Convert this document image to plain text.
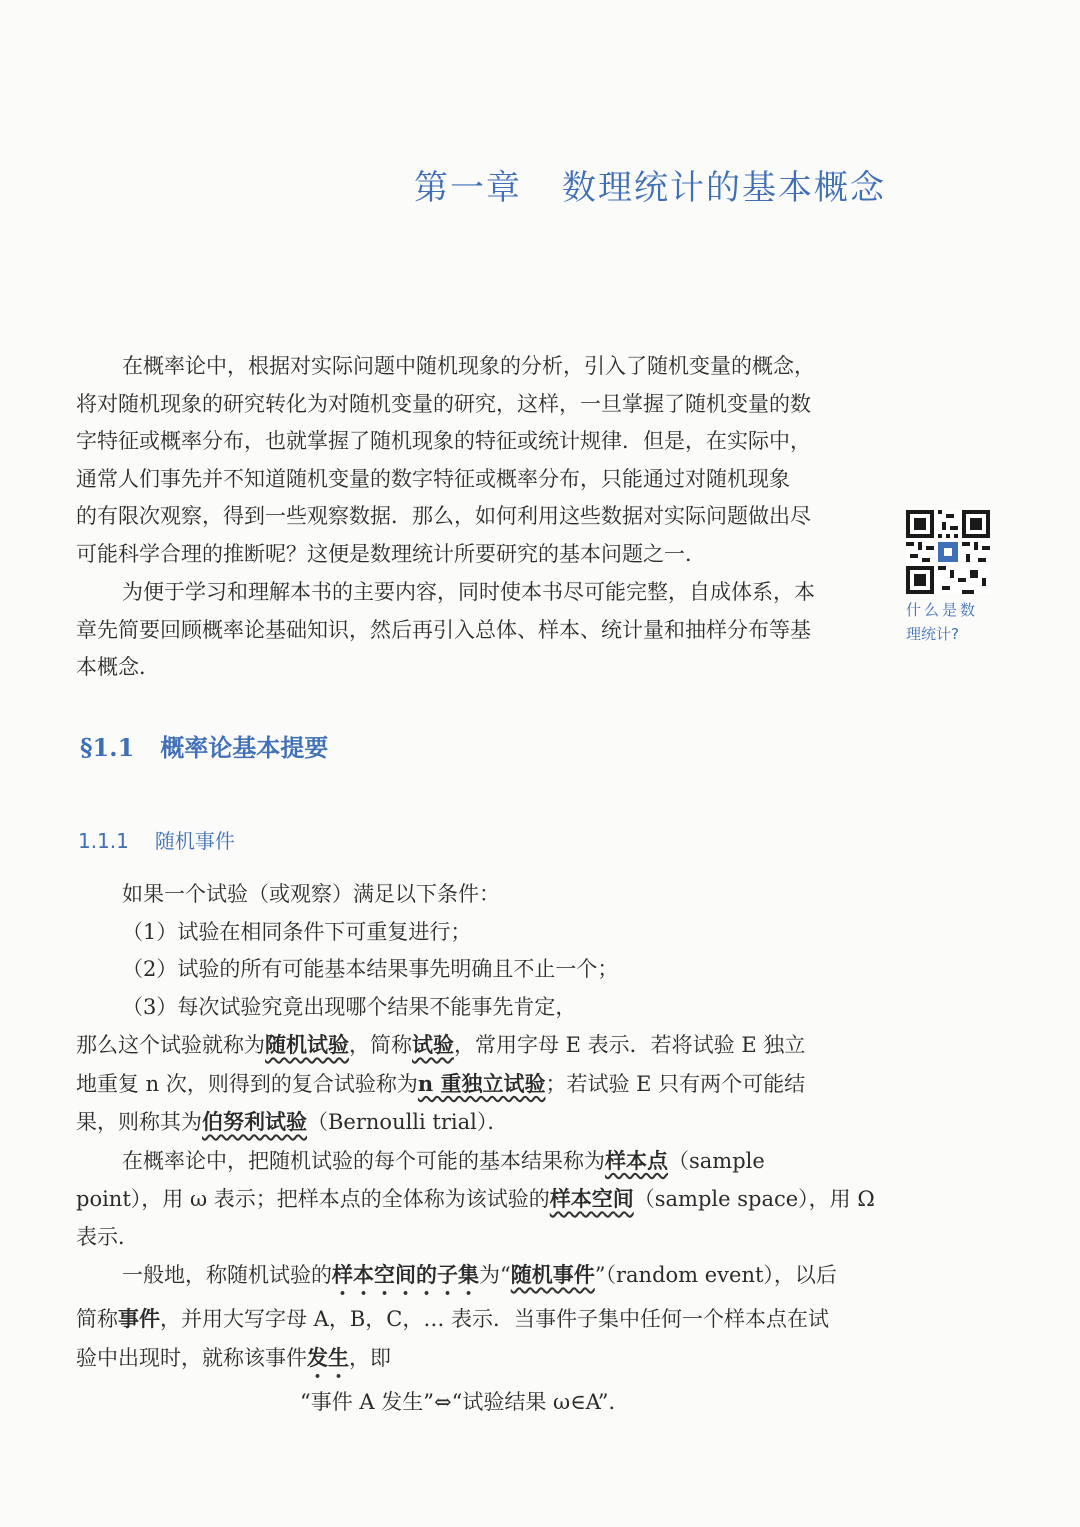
第一章 数理统计的基本概念
在概率论中，根据对实际问题中随机现象的分析，引入了随机变量的概念，
将对随机现象的研究转化为对随机变量的研究，这样，一旦掌握了随机变量的数
字特征或概率分布，也就掌握了随机现象的特征或统计规律．但是，在实际中，
通常人们事先并不知道随机变量的数字特征或概率分布，只能通过对随机现象
的有限次观察，得到一些观察数据．那么，如何利用这些数据对实际问题做出尽
可能科学合理的推断呢？这便是数理统计所要研究的基本问题之一．
为便于学习和理解本书的主要内容，同时使本书尽可能完整，自成体系，本
章先简要回顾概率论基础知识，然后再引入总体、样本、统计量和抽样分布等基
本概念．
什么是数
理统计?
§1.1 概率论基本提要
1.1.1 随机事件
如果一个试验（或观察）满足以下条件：
（1）试验在相同条件下可重复进行；
（2）试验的所有可能基本结果事先明确且不止一个；
（3）每次试验究竟出现哪个结果不能事先肯定，
那么这个试验就称为随机试验，简称试验，常用字母 E 表示．若将试验 E 独立
地重复 n 次，则得到的复合试验称为n 重独立试验；若试验 E 只有两个可能结
果，则称其为伯努利试验（Bernoulli trial）．
在概率论中，把随机试验的每个可能的基本结果称为样本点（sample
point），用 ω 表示；把样本点的全体称为该试验的样本空间（sample space），用 Ω
表示．
一般地，称随机试验的样本空间的子集为“随机事件”（random event），以后
简称事件，并用大写字母 A，B，C，… 表示．当事件子集中任何一个样本点在试
验中出现时，就称该事件发生，即
“事件 A 发生”⇔“试验结果 ω∈A”．
